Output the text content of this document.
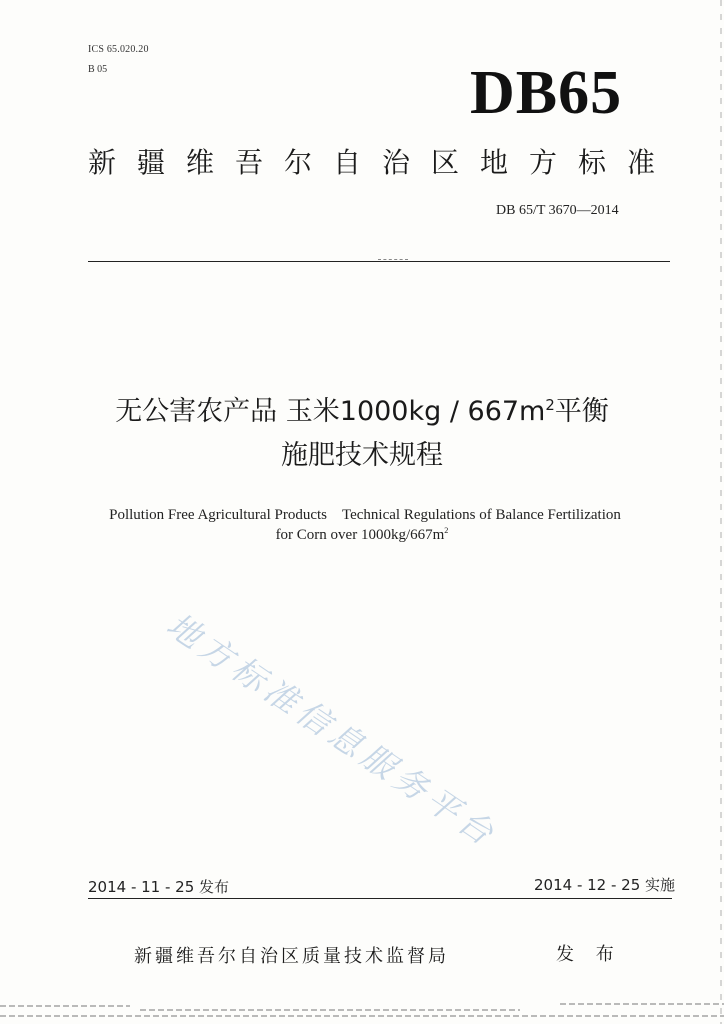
ICS 65.020.20
B 05	DB65
新疆维吾尔自治区地方标准
DB 65/T 3670—2014
无公害农产品 玉米$1000kg / 667m^2$平衡
施肥技术规程
Pollution Free Agricultural Products　Technical Regulations of Balance Fertilization
for Corn over $1000kg/667m^2$
地方标准信息服务平台
2014 - 11 - 25 发布	2014 - 12 - 25 实施
新疆维吾尔自治区质量技术监督局	发 布
